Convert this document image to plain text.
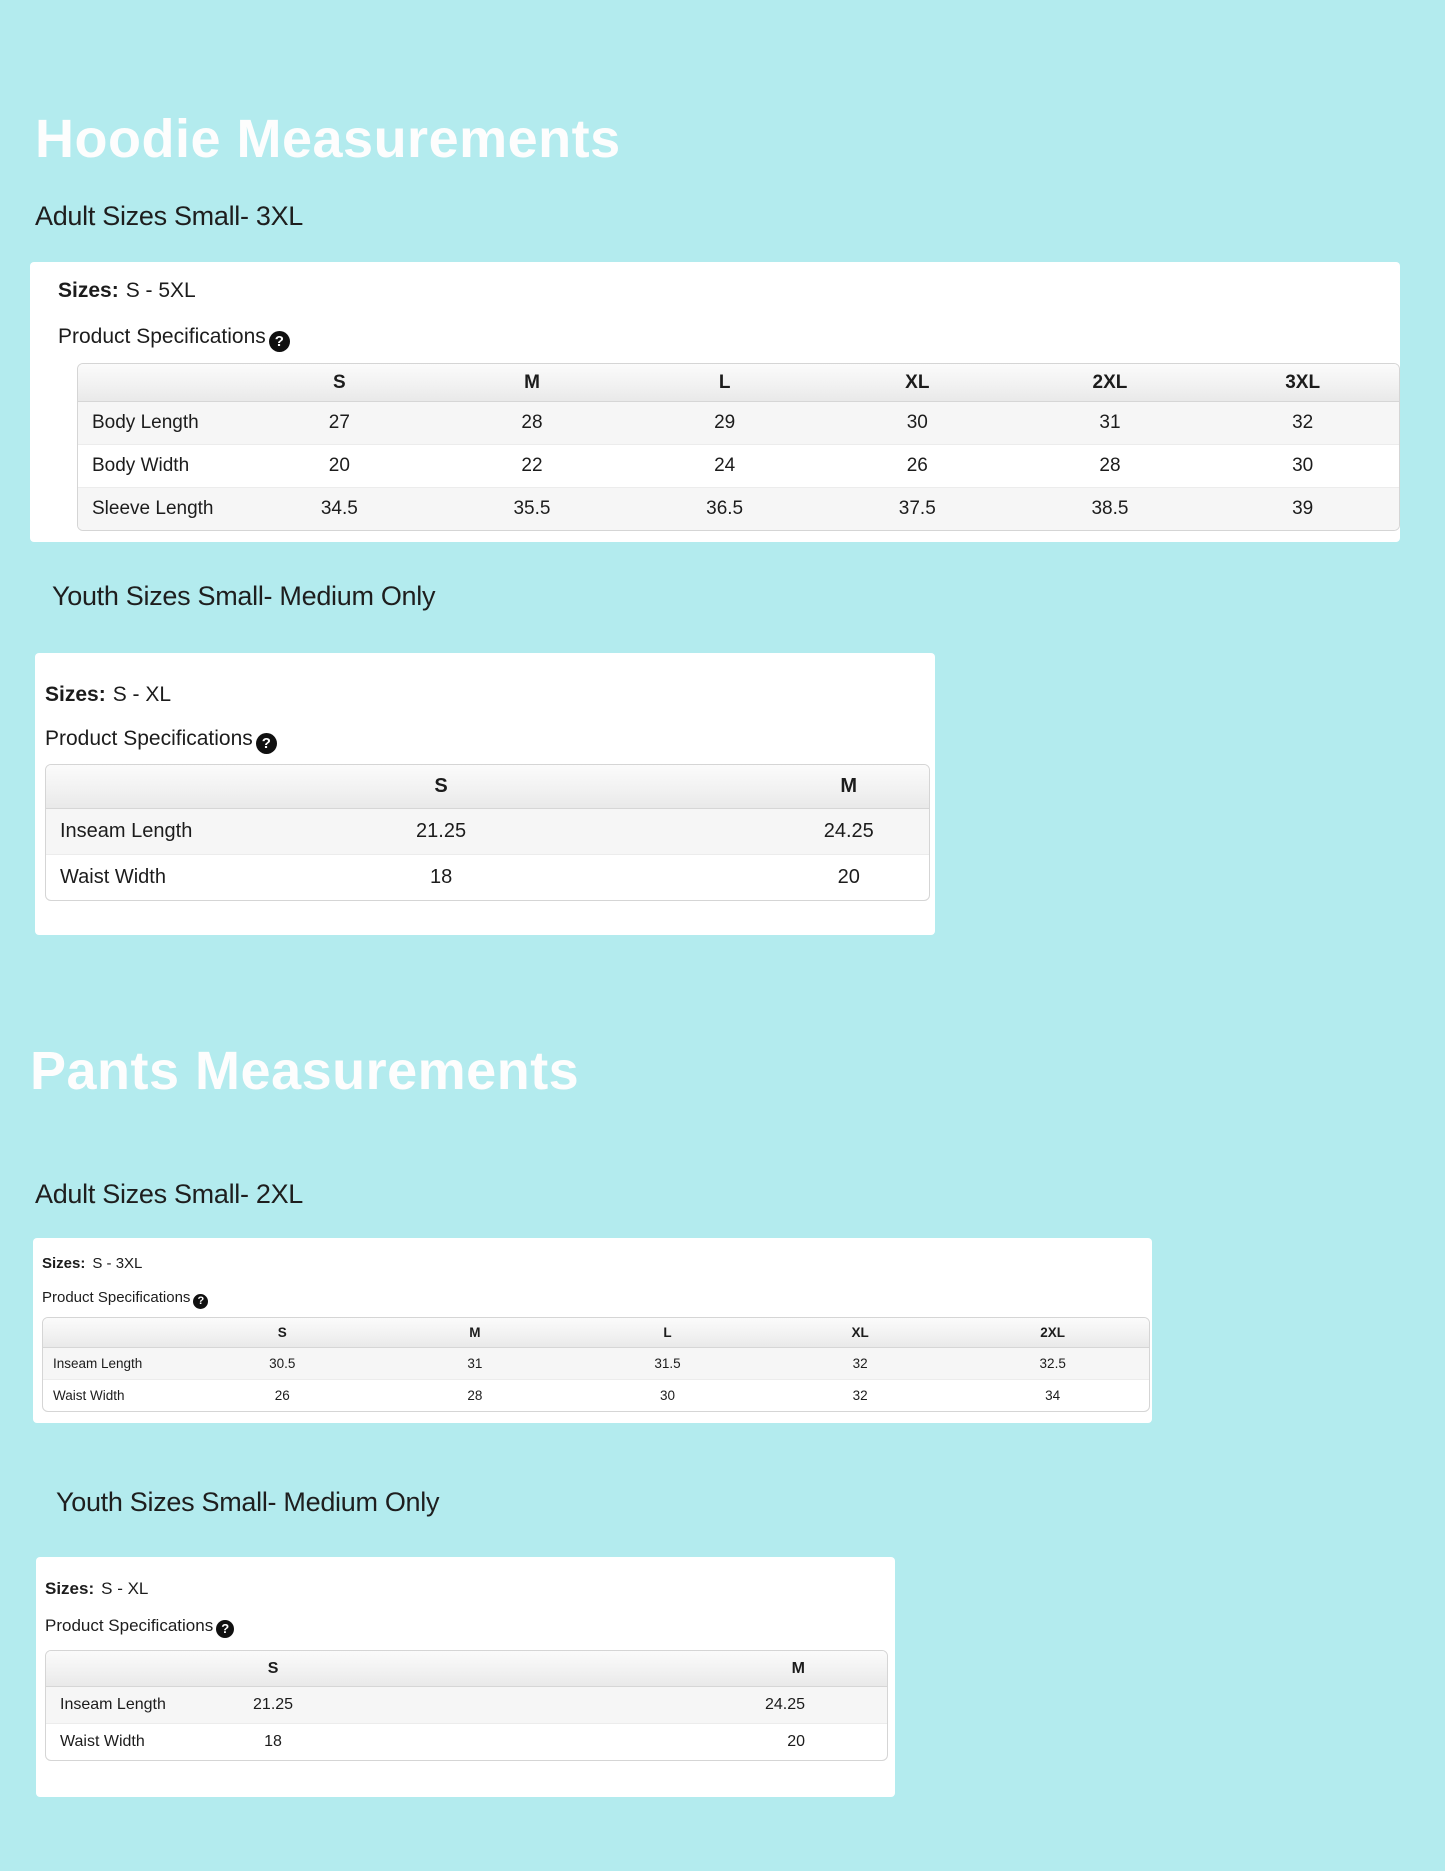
Hoodie Measurements
Adult Sizes Small- 3XL
Sizes: S - 5XL
Product Specifications ?
	S	M	L	XL	2XL	3XL
Body Length	27	28	29	30	31	32
Body Width	20	22	24	26	28	30
Sleeve Length	34.5	35.5	36.5	37.5	38.5	39
Youth Sizes Small- Medium Only
Sizes: S - XL
Product Specifications ?
	S	M
Inseam Length	21.25	24.25
Waist Width	18	20
Pants Measurements
Adult Sizes Small- 2XL
Sizes: S - 3XL
Product Specifications ?
	S	M	L	XL	2XL
Inseam Length	30.5	31	31.5	32	32.5
Waist Width	26	28	30	32	34
Youth Sizes Small- Medium Only
Sizes: S - XL
Product Specifications ?
	S	M
Inseam Length	21.25	24.25
Waist Width	18	20
